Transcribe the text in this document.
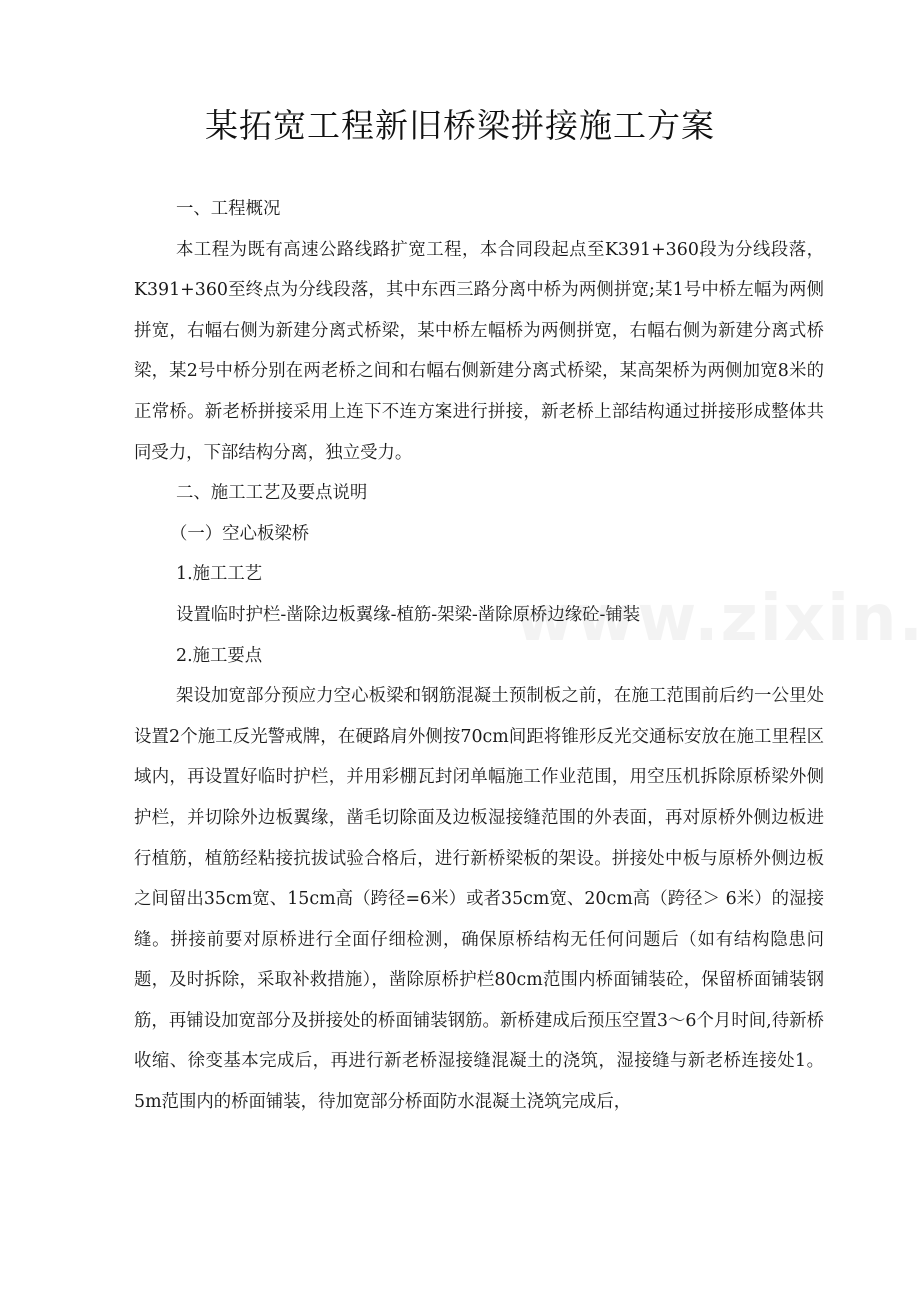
某拓宽工程新旧桥梁拼接施工方案

一、工程概况

本工程为既有高速公路线路扩宽工程，本合同段起点至K391+360段为分线段落，K391+360至终点为分线段落，其中东西三路分离中桥为两侧拼宽;某1号中桥左幅为两侧拼宽，右幅右侧为新建分离式桥梁，某中桥左幅桥为两侧拼宽，右幅右侧为新建分离式桥梁，某2号中桥分别在两老桥之间和右幅右侧新建分离式桥梁，某高架桥为两侧加宽8米的正常桥。新老桥拼接采用上连下不连方案进行拼接，新老桥上部结构通过拼接形成整体共同受力，下部结构分离，独立受力。

二、施工工艺及要点说明

（一）空心板梁桥

1.施工工艺

设置临时护栏-凿除边板翼缘-植筋-架梁-凿除原桥边缘砼-铺装

2.施工要点

架设加宽部分预应力空心板梁和钢筋混凝土预制板之前，在施工范围前后约一公里处设置2个施工反光警戒牌，在硬路肩外侧按70cm间距将锥形反光交通标安放在施工里程区域内，再设置好临时护栏，并用彩棚瓦封闭单幅施工作业范围，用空压机拆除原桥梁外侧护栏，并切除外边板翼缘，凿毛切除面及边板湿接缝范围的外表面，再对原桥外侧边板进行植筋，植筋经粘接抗拔试验合格后，进行新桥梁板的架设。拼接处中板与原桥外侧边板之间留出35cm宽、15cm高（跨径=6米）或者35cm宽、20cm高（跨径＞ 6米）的湿接缝。拼接前要对原桥进行全面仔细检测，确保原桥结构无任何问题后（如有结构隐患问题，及时拆除，采取补救措施），凿除原桥护栏80cm范围内桥面铺装砼，保留桥面铺装钢筋，再铺设加宽部分及拼接处的桥面铺装钢筋。新桥建成后预压空置3～6个月时间,待新桥收缩、徐变基本完成后，再进行新老桥湿接缝混凝土的浇筑，湿接缝与新老桥连接处1。5m范围内的桥面铺装，待加宽部分桥面防水混凝土浇筑完成后，
